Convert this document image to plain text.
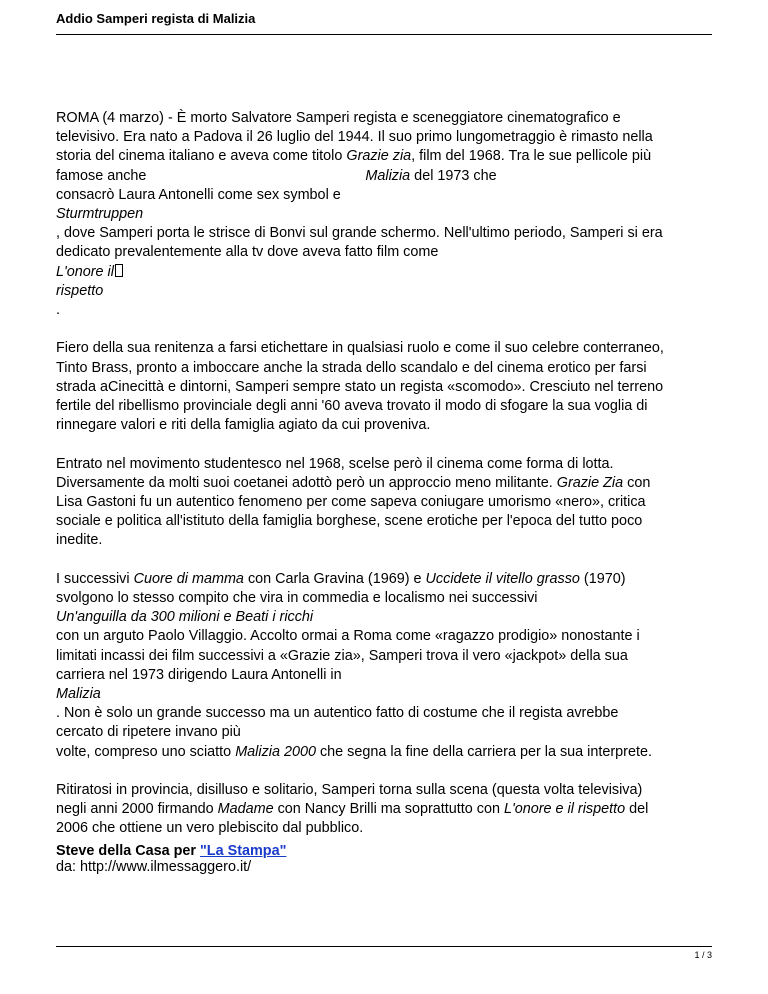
Addio Samperi regista di Malizia

ROMA (4 marzo) - È morto Salvatore Samperi regista e sceneggiatore cinematografico e
televisivo. Era nato a Padova il 26 luglio del 1944. Il suo primo lungometraggio è rimasto nella
storia del cinema italiano e aveva come titolo Grazie zia, film del 1968. Tra le sue pellicole più
famose anche	Malizia del 1973 che
consacrò Laura Antonelli come sex symbol e
Sturmtruppen
, dove Samperi porta le strisce di Bonvi sul grande schermo. Nell'ultimo periodo, Samperi si era
dedicato prevalentemente alla tv dove aveva fatto film come
L'onore il
rispetto
.

Fiero della sua renitenza a farsi etichettare in qualsiasi ruolo e come il suo celebre conterraneo,
Tinto Brass, pronto a imboccare anche la strada dello scandalo e del cinema erotico per farsi
strada aCinecittà e dintorni, Samperi sempre stato un regista «scomodo». Cresciuto nel terreno
fertile del ribellismo provinciale degli anni '60 aveva trovato il modo di sfogare la sua voglia di
rinnegare valori e riti della famiglia agiato da cui proveniva.

Entrato nel movimento studentesco nel 1968, scelse però il cinema come forma di lotta.
Diversamente da molti suoi coetanei adottò però un approccio meno militante. Grazie Zia con
Lisa Gastoni fu un autentico fenomeno per come sapeva coniugare umorismo «nero», critica
sociale e politica all'istituto della famiglia borghese, scene erotiche per l'epoca del tutto poco
inedite.

I successivi Cuore di mamma con Carla Gravina (1969) e Uccidete il vitello grasso (1970)
svolgono lo stesso compito che vira in commedia e localismo nei successivi
Un'anguilla da 300 milioni e Beati i ricchi
con un arguto Paolo Villaggio. Accolto ormai a Roma come «ragazzo prodigio» nonostante i
limitati incassi dei film successivi a «Grazie zia», Samperi trova il vero «jackpot» della sua
carriera nel 1973 dirigendo Laura Antonelli in
Malizia
. Non è solo un grande successo ma un autentico fatto di costume che il regista avrebbe
cercato di ripetere invano più
volte, compreso uno sciatto Malizia 2000 che segna la fine della carriera per la sua interprete.

Ritiratosi in provincia, disilluso e solitario, Samperi torna sulla scena (questa volta televisiva)
negli anni 2000 firmando Madame con Nancy Brilli ma soprattutto con L'onore e il rispetto del
2006 che ottiene un vero plebiscito dal pubblico.

da: http://www.ilmessaggero.it/

Steve della Casa per "La Stampa"
1 / 3
